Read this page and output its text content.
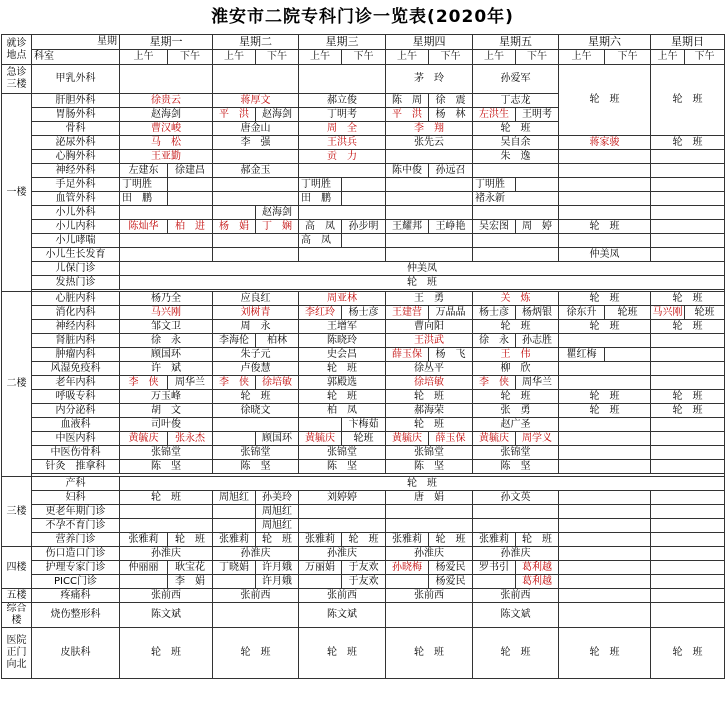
淮安市二院专科门诊一览表(2020年)
就诊地点	星期	星期一		星期二		星期三		星期四		星期五		星期六		星期日		
	科室	上午	下午	上午	下午	上午	下午	上午	下午	上午	下午	上午	下午	上午	下午	
急诊三楼	甲乳外科							茅　玲		孙爱军		轮　班		轮　班		

一楼	肝胆外科	徐贵云		蒋厚文		郝立俊		陈　周	徐　震	丁志龙						
	胃肠外科	赵海剑		平　洪	赵海剑	丁明考		平　洪	杨　林	左洪生	王明考					
	骨科	曹汉峻		唐金山		周　全		李　翔		轮　班		
	泌尿外科	马　松		李　强		王洪兵		张先云		吴自余		蒋家骏		轮　班		
	心胸外科	王亚勤				贡　力				朱　逸						
	神经外科	左建东	徐建昌	郝金玉				陈中俊	孙远召							
	手足外科	丁明胜				丁明胜				丁明胜						
	血管外科	田　鹏				田　鹏				褚永新						
	小儿外科				赵海剑											
	小儿内科	陈灿华	柏　进	杨　娟	丁　娴	高　凤	孙步明	王耀邦	王峥艳	吴宏图	周　婷	轮　班				
	小儿哮喘					高　凤										
	小儿生长发育											仲美凤				
	儿保门诊	仲美凤														
	发热门诊	轮　班														

二楼	心脏内科	杨乃全		应良红		周亚林		王　勇		关　炼		轮　班		轮　班		
	消化内科	马兴刚		刘树青		李红玲	杨士彦	王建营	万晶晶	杨士彦	杨炳银	徐东升	轮班	马兴刚	轮班	
	神经内科	邹文卫		周　永		王增军		曹向阳		轮　班		轮　班		轮　班		
	肾脏内科	徐　永		李海伦	柏林	陈晓玲		王洪武		徐　永	孙志胜					
	肿瘤内科	顾国环		朱子元		史会昌		薛玉保	杨　飞	王　伟		瞿红梅				
	风湿免疫科	许　斌		卢俊慧		轮　班		徐丛平		柳　欣						
	老年内科	李　侠	周华兰	李　侠	徐培敏	郭殿选		徐培敏		李　侠	周华兰					
	呼吸专科	万玉峰		轮　班		轮　班		轮　班		轮　班		轮　班		轮　班		
	内分泌科	胡　文		徐晓文		柏　凤		郝海荣		张　勇		轮　班		轮　班		
	血液科	司叶俊					卞梅茹	轮　班		赵广圣						
	中医内科	黄毓庆	张永杰		顾国环	黄毓庆	轮班	黄毓庆	薛玉保	黄毓庆	周学义					
	中医伤骨科	张锦堂		张锦堂		张锦堂		张锦堂		张锦堂						
	针灸　推拿科	陈　坚		陈　坚		陈　坚		陈　坚		陈　坚						

三楼	产科	轮　班														
	妇科	轮　班		周旭红	孙美玲	刘婷婷		唐　娟		孙文英						
	更老年期门诊				周旭红											
	不孕不育门诊				周旭红											
	营养门诊	张雅莉	轮　班	张雅莉	轮　班	张雅莉	轮　班	张雅莉	轮　班	张雅莉	轮　班					
四楼	伤口造口门诊	孙淮庆		孙淮庆		孙淮庆		孙淮庆		孙淮庆						
	护理专家门诊	仲丽丽	耿宝花	丁晓娟	许月娥	万丽娟	于友欢	孙晓梅	杨爱民	罗书引	葛利越					
	PICC门诊		李　娟		许月娥		于友欢		杨爱民		葛利越					
五楼	疼痛科	张前西		张前西		张前西		张前西		张前西						
综合楼	烧伤整形科	陈文斌				陈文斌				陈文斌						
医院正门向北	皮肤科	轮　班		轮　班		轮　班		轮　班		轮　班		轮　班		轮　班		
